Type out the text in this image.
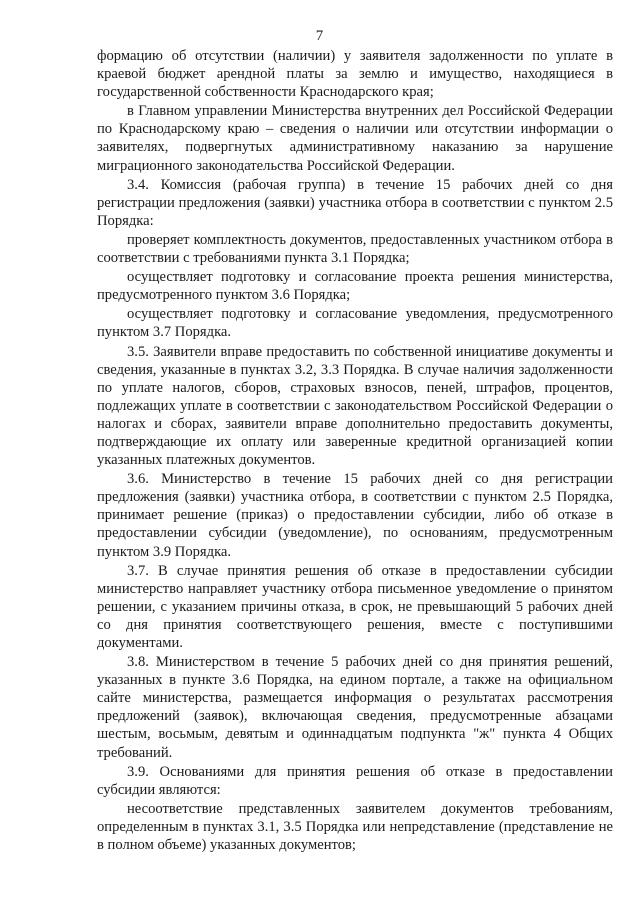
7

формацию об отсутствии (наличии) у заявителя задолженности по уплате в краевой бюджет арендной платы за землю и имущество, находящиеся в государственной собственности Краснодарского края;

в Главном управлении Министерства внутренних дел Российской Федерации по Краснодарскому краю – сведения о наличии или отсутствии информации о заявителях, подвергнутых административному наказанию за нарушение миграционного законодательства Российской Федерации.

3.4. Комиссия (рабочая группа) в течение 15 рабочих дней со дня регистрации предложения (заявки) участника отбора в соответствии с пунктом 2.5 Порядка:

проверяет комплектность документов, предоставленных участником отбора в соответствии с требованиями пункта 3.1 Порядка;

осуществляет подготовку и согласование проекта решения министерства, предусмотренного пунктом 3.6 Порядка;

осуществляет подготовку и согласование уведомления, предусмотренного пунктом 3.7 Порядка.

3.5. Заявители вправе предоставить по собственной инициативе документы и сведения, указанные в пунктах 3.2, 3.3 Порядка. В случае наличия задолженности по уплате налогов, сборов, страховых взносов, пеней, штрафов, процентов, подлежащих уплате в соответствии с законодательством Российской Федерации о налогах и сборах, заявители вправе дополнительно предоставить документы, подтверждающие их оплату или заверенные кредитной организацией копии указанных платежных документов.

3.6. Министерство в течение 15 рабочих дней со дня регистрации предложения (заявки) участника отбора, в соответствии с пунктом 2.5 Порядка, принимает решение (приказ) о предоставлении субсидии, либо об отказе в предоставлении субсидии (уведомление), по основаниям, предусмотренным пунктом 3.9 Порядка.

3.7. В случае принятия решения об отказе в предоставлении субсидии министерство направляет участнику отбора письменное уведомление о принятом решении, с указанием причины отказа, в срок, не превышающий 5 рабочих дней со дня принятия соответствующего решения, вместе с поступившими документами.

3.8. Министерством в течение 5 рабочих дней со дня принятия решений, указанных в пункте 3.6 Порядка, на едином портале, а также на официальном сайте министерства, размещается информация о результатах рассмотрения предложений (заявок), включающая сведения, предусмотренные абзацами шестым, восьмым, девятым и одиннадцатым подпункта "ж" пункта 4 Общих требований.

3.9. Основаниями для принятия решения об отказе в предоставлении субсидии являются:

несоответствие представленных заявителем документов требованиям, определенным в пунктах 3.1, 3.5 Порядка или непредставление (представление не в полном объеме) указанных документов;
